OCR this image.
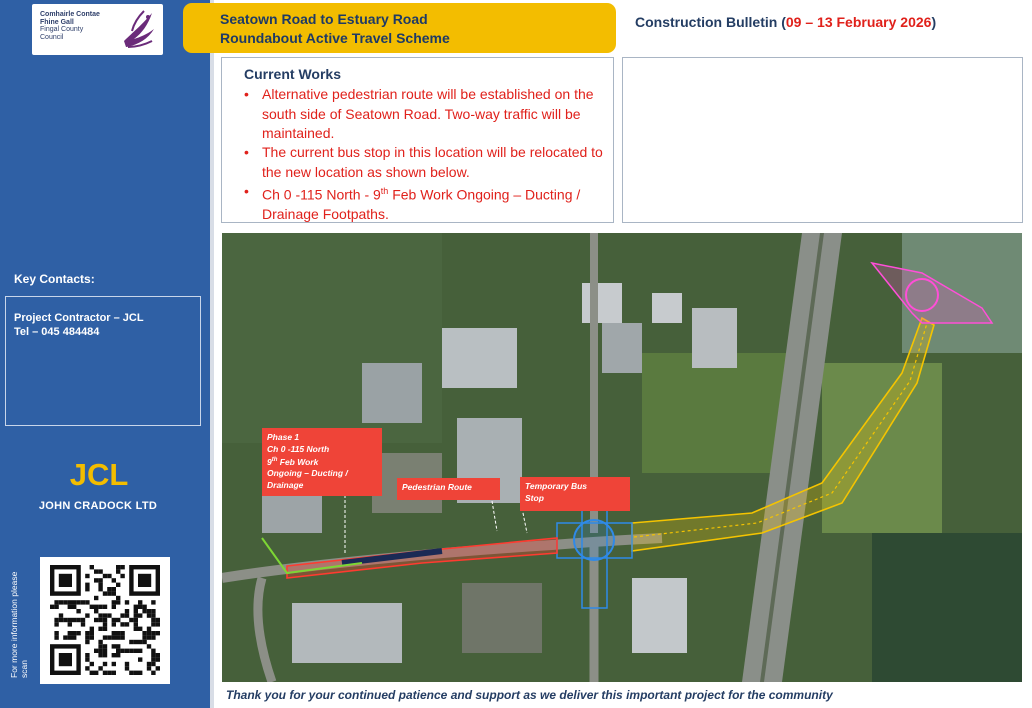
Comhairle Contae
Fhine Gall
Fingal County
Council
Key Contacts:
Project Contractor – JCL
Tel – 045 484484
JCL
JOHN CRADOCK LTD
For more information please scan
Seatown Road to Estuary Road
Roundabout Active Travel Scheme
Construction Bulletin (09 – 13 February 2026)
Current Works
• Alternative pedestrian route will be established on the south side of Seatown Road. Two-way traffic will be maintained.
• The current bus stop in this location will be relocated to the new location as shown below.
• Ch 0 -115 North - 9th Feb Work Ongoing – Ducting / Drainage Footpaths.
Phase 1
Ch 0 -115 North
9th Feb Work
Ongoing – Ducting /
Drainage	Pedestrian Route	Temporary Bus Stop
Thank you for your continued patience and support as we deliver this important project for the community
